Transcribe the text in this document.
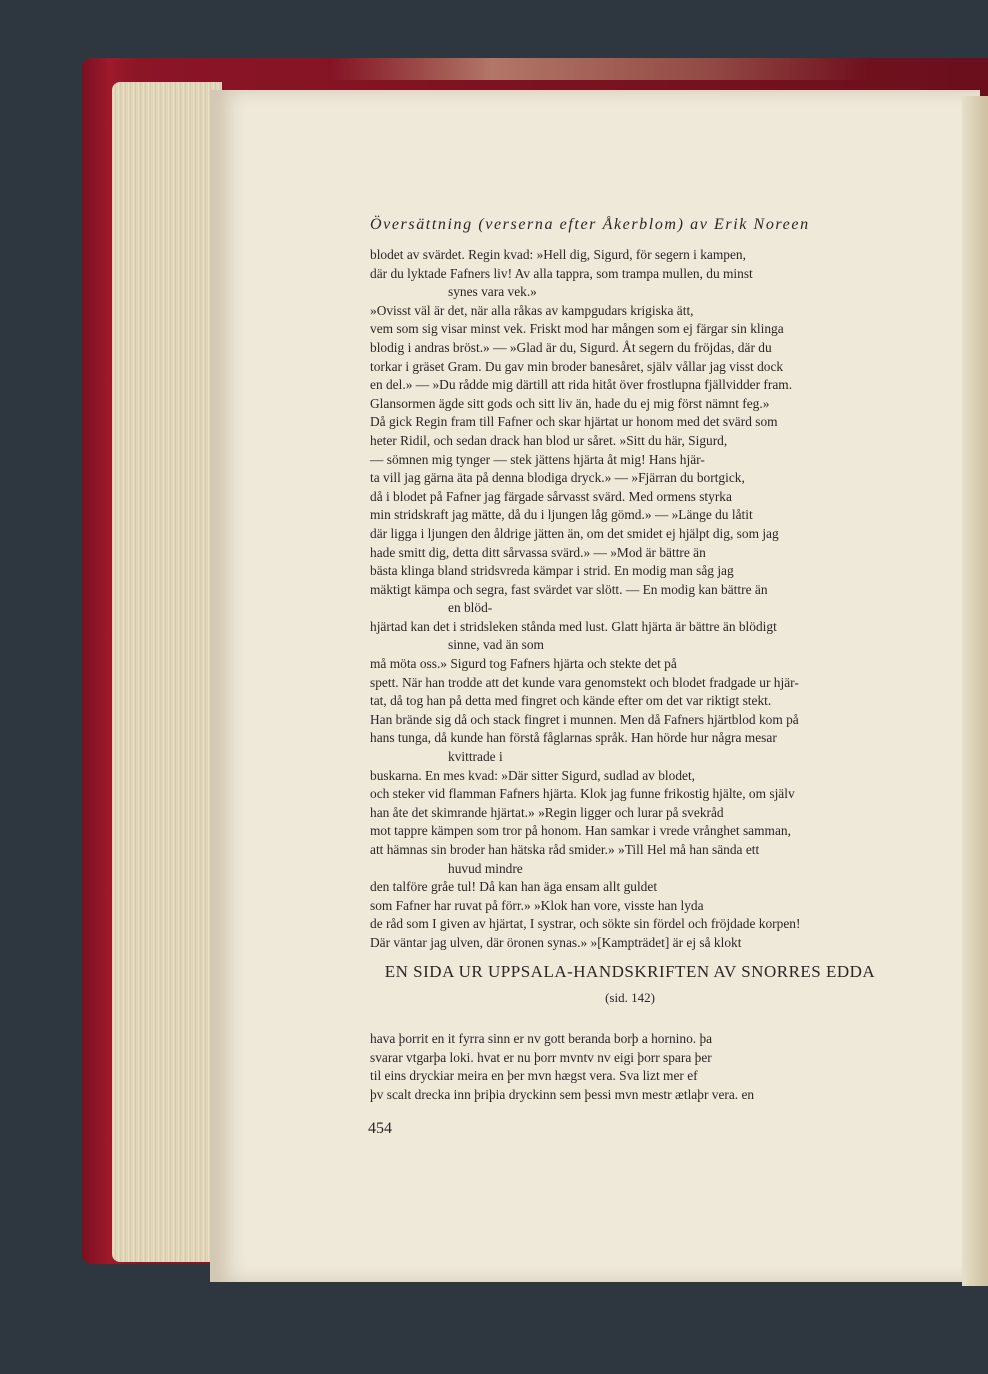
Översättning (verserna efter Åkerblom) av Erik Noreen
blodet av svärdet. Regin kvad: »Hell dig, Sigurd, för segern i kampen,
där du lyktade Fafners liv! Av alla tappra, som trampa mullen, du minst
synes vara vek.»
»Ovisst väl är det, när alla råkas av kampgudars krigiska ätt,
vem som sig visar minst vek. Friskt mod har mången som ej färgar sin klinga
blodig i andras bröst.» — »Glad är du, Sigurd. Åt segern du fröjdas, där du
torkar i gräset Gram. Du gav min broder banesåret, själv vållar jag visst dock
en del.» — »Du rådde mig därtill att rida hitåt över frostlupna fjällvidder fram.
Glansormen ägde sitt gods och sitt liv än, hade du ej mig först nämnt feg.»
Då gick Regin fram till Fafner och skar hjärtat ur honom med det svärd som
heter Ridil, och sedan drack han blod ur såret. »Sitt du här, Sigurd,
— sömnen mig tynger — stek jättens hjärta åt mig! Hans hjär-
ta vill jag gärna äta på denna blodiga dryck.» — »Fjärran du bortgick,
då i blodet på Fafner jag färgade sårvasst svärd. Med ormens styrka
min stridskraft jag mätte, då du i ljungen låg gömd.» — »Länge du låtit
där ligga i ljungen den åldrige jätten än, om det smidet ej hjälpt dig, som jag
hade smitt dig, detta ditt sårvassa svärd.» — »Mod är bättre än
bästa klinga bland stridsvreda kämpar i strid. En modig man såg jag
mäktigt kämpa och segra, fast svärdet var slött. — En modig kan bättre än
en blöd-
hjärtad kan det i stridsleken stånda med lust. Glatt hjärta är bättre än blödigt
sinne, vad än som
må möta oss.» Sigurd tog Fafners hjärta och stekte det på
spett. När han trodde att det kunde vara genomstekt och blodet fradgade ur hjär-
tat, då tog han på detta med fingret och kände efter om det var riktigt stekt.
Han brände sig då och stack fingret i munnen. Men då Fafners hjärtblod kom på
hans tunga, då kunde han förstå fåglarnas språk. Han hörde hur några mesar
kvittrade i
buskarna. En mes kvad: »Där sitter Sigurd, sudlad av blodet,
och steker vid flamman Fafners hjärta. Klok jag funne frikostig hjälte, om själv
han åte det skimrande hjärtat.» »Regin ligger och lurar på svekråd
mot tappre kämpen som tror på honom. Han samkar i vrede vrånghet samman,
att hämnas sin broder han hätska råd smider.» »Till Hel må han sända ett
huvud mindre
den talföre gråe tul! Då kan han äga ensam allt guldet
som Fafner har ruvat på förr.» »Klok han vore, visste han lyda
de råd som I given av hjärtat, I systrar, och sökte sin fördel och fröjdade korpen!
Där väntar jag ulven, där öronen synas.» »[Kampträdet] är ej så klokt
EN SIDA UR UPPSALA-HANDSKRIFTEN AV SNORRES EDDA
(sid. 142)
hava þorrit en it fyrra sinn er nv gott beranda borþ a hornino. þa
svarar vtgarþa loki. hvat er nu þorr mvntv nv eigi þorr spara þer
til eins dryckiar meira en þer mvn hægst vera. Sva lizt mer ef
þv scalt drecka inn þriþia dryckinn sem þessi mvn mestr ætlaþr vera. en
454
